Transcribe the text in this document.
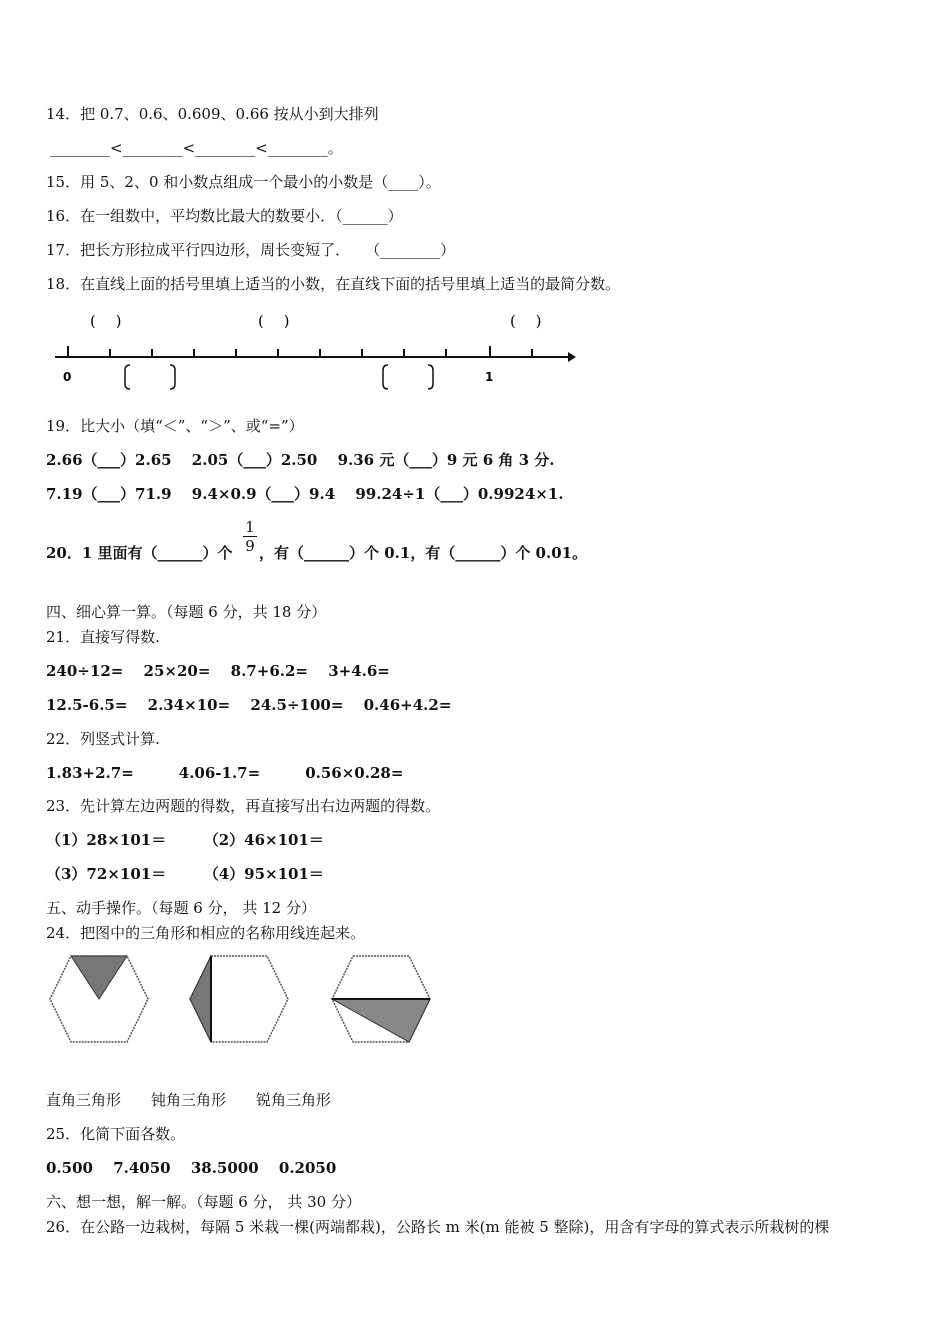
14．把 0.7、0.6、0.609、0.66 按从小到大排列
________<________<________<________。
15．用 5、2、0 和小数点组成一个最小的小数是（____）。
16．在一组数中，平均数比最大的数要小．（______）
17．把长方形拉成平行四边形，周长变短了．　　（________）
18．在直线上面的括号里填上适当的小数，在直线下面的括号里填上适当的最简分数。
(　 )	(　 )	(　 )
0	1
19．比大小（填“＜”、“＞”、或“=”）
2.66（___）2.65　 2.05（___）2.50　 9.36 元（___）9 元 6 角 3 分.
7.19（___）71.9　 9.4×0.9（___）9.4　 99.24÷1（___）0.9924×1.
20．1 里面有（______）个
1
9 ，有（______）个 0.1，有（______）个 0.01。
四、细心算一算。（每题 6 分，共 18 分）
21．直接写得数.
240÷12=　 25×20=　 8.7+6.2=　 3+4.6=
12.5-6.5=　 2.34×10=　 24.5÷100=　 0.46+4.2=
22．列竖式计算.
1.83+2.7=　　　4.06-1.7=　　　0.56×0.28=
23．先计算左边两题的得数，再直接写出右边两题的得数。
（1）28×101＝　　　（2）46×101＝
（3）72×101＝　　　（4）95×101＝
五、动手操作。（每题 6 分， 共 12 分）
24．把图中的三角形和相应的名称用线连起来。
直角三角形　　钝角三角形　　锐角三角形
25．化简下面各数。
0.500　 7.4050　 38.5000　 0.2050
六、想一想，解一解。（每题 6 分， 共 30 分）
26．在公路一边栽树，每隔 5 米栽一棵(两端都栽)，公路长 m 米(m 能被 5 整除)，用含有字母的算式表示所栽树的棵
